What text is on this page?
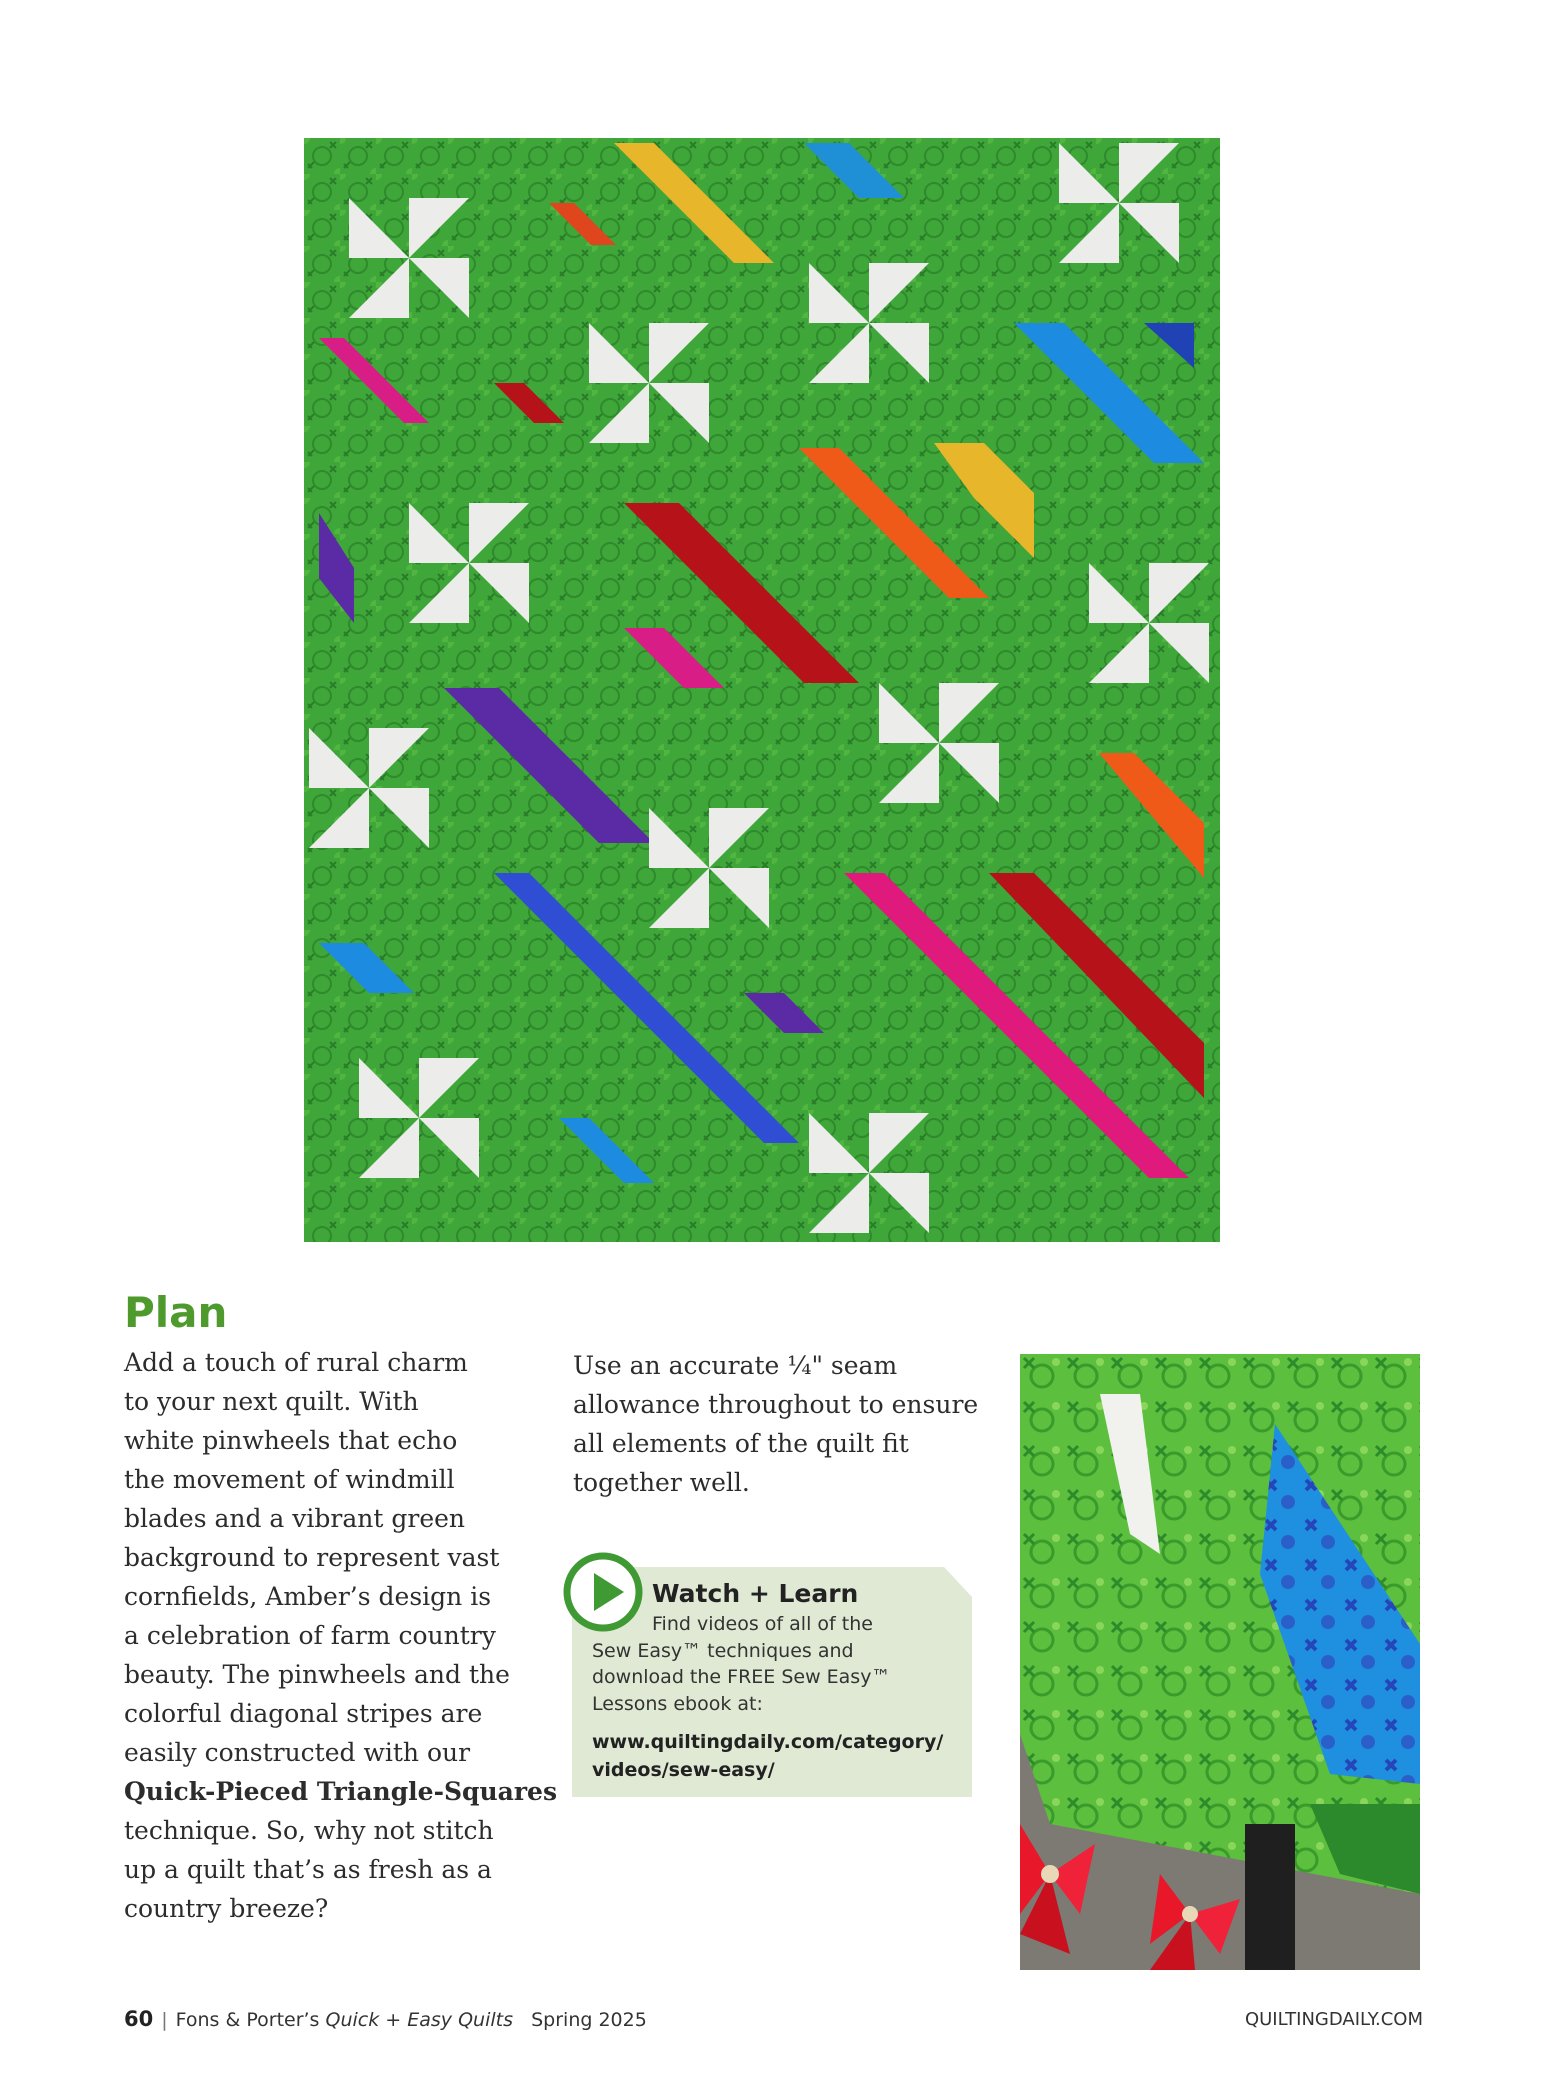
Plan

Add a touch of rural charm
to your next quilt. With
white pinwheels that echo
the movement of windmill
blades and a vibrant green
background to represent vast
cornfields, Amber’s design is
a celebration of farm country
beauty. The pinwheels and the
colorful diagonal stripes are
easily constructed with our
Quick-Pieced Triangle-Squares
technique. So, why not stitch
up a quilt that’s as fresh as a
country breeze?

Use an accurate ¼" seam
allowance throughout to ensure
all elements of the quilt fit
together well.

Watch + Learn
Find videos of all of the
Sew Easy™ techniques and
download the FREE Sew Easy™
Lessons ebook at:
www.quiltingdaily.com/category/
videos/sew-easy/
60 | Fons & Porter’s Quick + Easy Quilts Spring 2025	QUILTINGDAILY.COM
